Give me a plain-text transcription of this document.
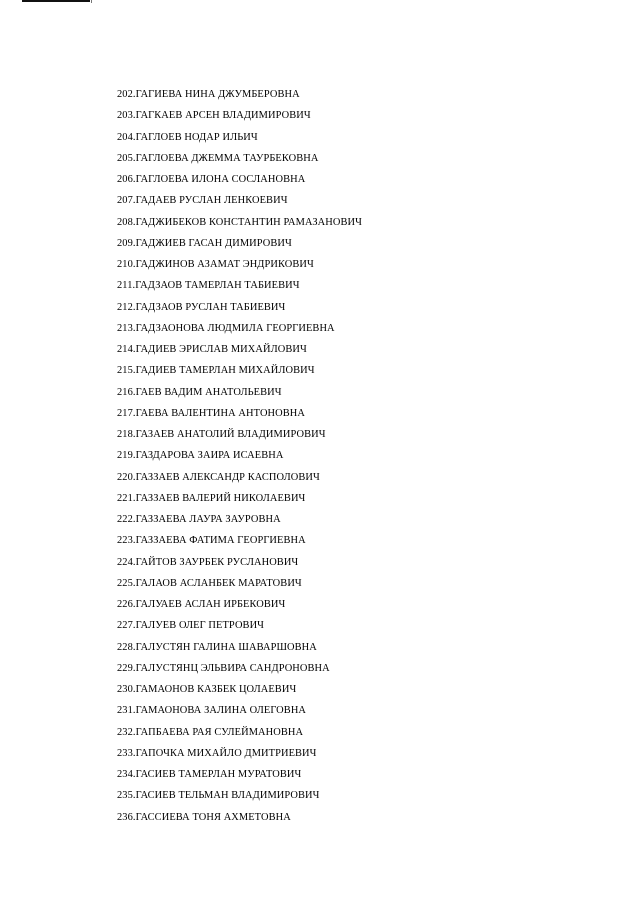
202.ГАГИЕВА НИНА ДЖУМБЕРОВНА
203.ГАГКАЕВ АРСЕН ВЛАДИМИРОВИЧ
204.ГАГЛОЕВ НОДАР ИЛЬИЧ
205.ГАГЛОЕВА ДЖЕММА ТАУРБЕКОВНА
206.ГАГЛОЕВА ИЛОНА СОСЛАНОВНА
207.ГАДАЕВ РУСЛАН ЛЕНКОЕВИЧ
208.ГАДЖИБЕКОВ КОНСТАНТИН РАМАЗАНОВИЧ
209.ГАДЖИЕВ ГАСАН ДИМИРОВИЧ
210.ГАДЖИНОВ АЗАМАТ ЭНДРИКОВИЧ
211.ГАДЗАОВ ТАМЕРЛАН ТАБИЕВИЧ
212.ГАДЗАОВ РУСЛАН ТАБИЕВИЧ
213.ГАДЗАОНОВА ЛЮДМИЛА ГЕОРГИЕВНА
214.ГАДИЕВ ЭРИСЛАВ МИХАЙЛОВИЧ
215.ГАДИЕВ ТАМЕРЛАН МИХАЙЛОВИЧ
216.ГАЕВ ВАДИМ АНАТОЛЬЕВИЧ
217.ГАЕВА ВАЛЕНТИНА АНТОНОВНА
218.ГАЗАЕВ АНАТОЛИЙ ВЛАДИМИРОВИЧ
219.ГАЗДАРОВА ЗАИРА ИСАЕВНА
220.ГАЗЗАЕВ АЛЕКСАНДР КАСПОЛОВИЧ
221.ГАЗЗАЕВ ВАЛЕРИЙ НИКОЛАЕВИЧ
222.ГАЗЗАЕВА ЛАУРА ЗАУРОВНА
223.ГАЗЗАЕВА ФАТИМА ГЕОРГИЕВНА
224.ГАЙТОВ ЗАУРБЕК РУСЛАНОВИЧ
225.ГАЛАОВ АСЛАНБЕК МАРАТОВИЧ
226.ГАЛУАЕВ АСЛАН ИРБЕКОВИЧ
227.ГАЛУЕВ ОЛЕГ ПЕТРОВИЧ
228.ГАЛУСТЯН ГАЛИНА ШАВАРШОВНА
229.ГАЛУСТЯНЦ ЭЛЬВИРА САНДРОНОВНА
230.ГАМАОНОВ КАЗБЕК ЦОЛАЕВИЧ
231.ГАМАОНОВА ЗАЛИНА ОЛЕГОВНА
232.ГАПБАЕВА РАЯ СУЛЕЙМАНОВНА
233.ГАПОЧКА МИХАЙЛО ДМИТРИЕВИЧ
234.ГАСИЕВ ТАМЕРЛАН МУРАТОВИЧ
235.ГАСИЕВ ТЕЛЬМАН ВЛАДИМИРОВИЧ
236.ГАССИЕВА ТОНЯ АХМЕТОВНА
